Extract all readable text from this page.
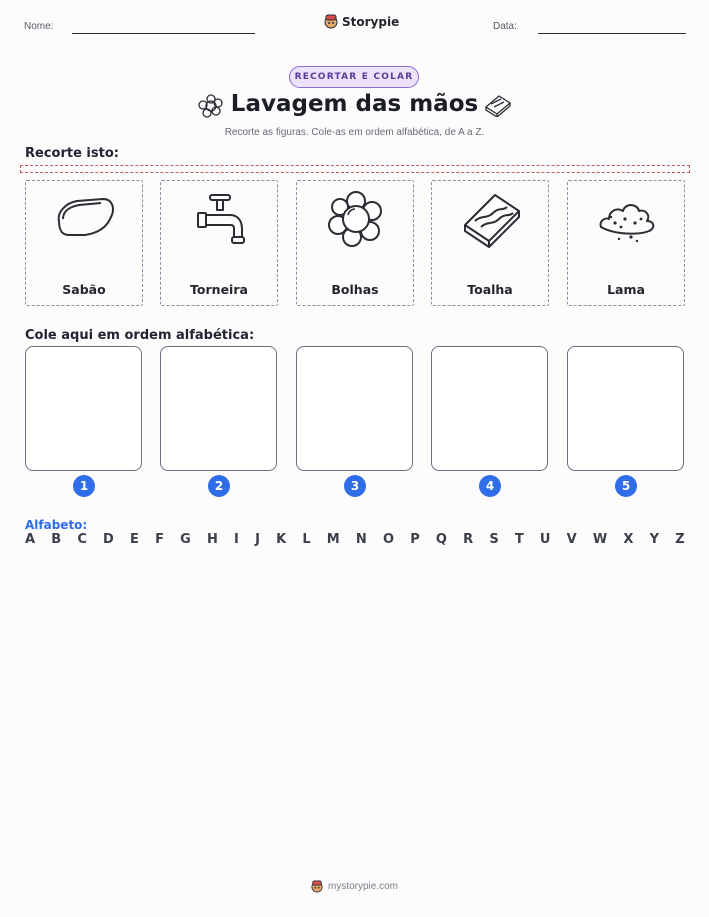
Nome:	Storypie	Data:
RECORTAR E COLAR
Lavagem das mãos
Recorte as figuras. Cole-as em ordem alfabética, de A a Z.
Recorte isto:
Sabão	Torneira	Bolhas	Toalha	Lama
Cole aqui em ordem alfabética:
1	2	3	4	5
Alfabeto:
A B C D E F G H I J K L M N O P Q R S T U V W X Y Z
mystorypie.com
